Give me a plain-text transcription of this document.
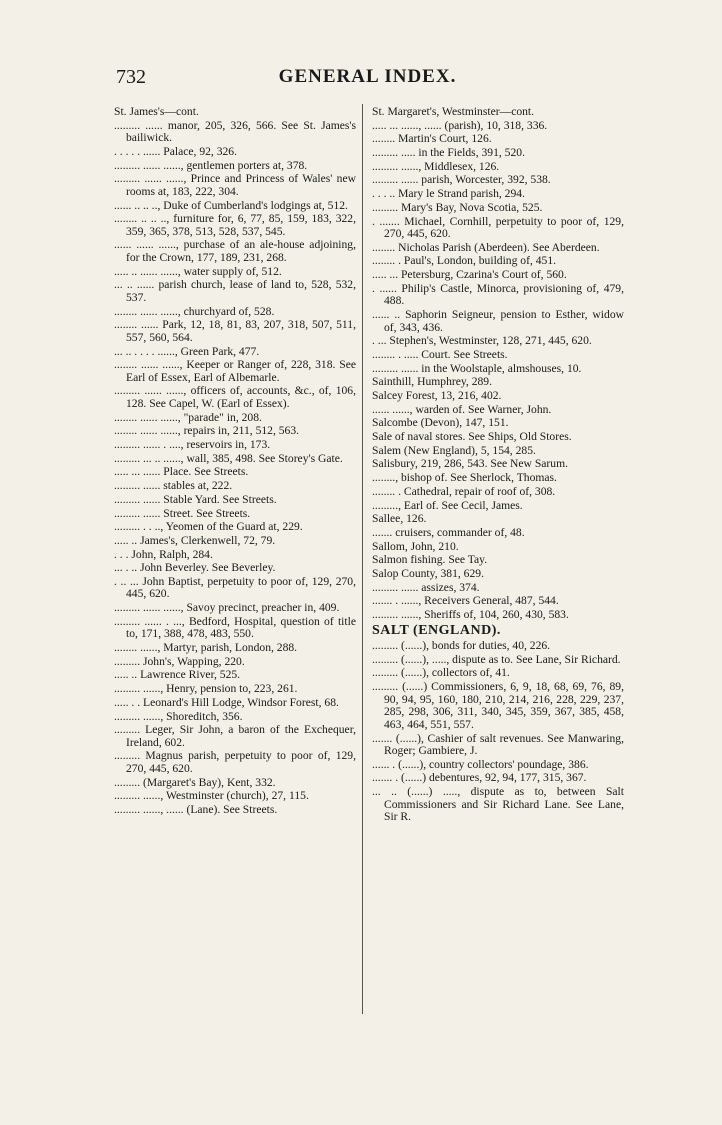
732	GENERAL INDEX.

St. James's—cont.

......... ...... manor, 205, 326, 566. See St. James's bailiwick.

. . . . . ...... Palace, 92, 326.

......... ...... ......, gentlemen porters at, 378.

......... ...... ......, Prince and Princess of Wales' new rooms at, 183, 222, 304.

...... .. .. .., Duke of Cumberland's lodgings at, 512.

........ .. .. .., furniture for, 6, 77, 85, 159, 183, 322, 359, 365, 378, 513, 528, 537, 545.

...... ...... ......, purchase of an ale-house adjoining, for the Crown, 177, 189, 231, 268.

..... .. ...... ......, water supply of, 512.

... .. ...... parish church, lease of land to, 528, 532, 537.

........ ...... ......, churchyard of, 528.

........ ...... Park, 12, 18, 81, 83, 207, 318, 507, 511, 557, 560, 564.

... .. . . . . ......, Green Park, 477.

........ ...... ......, Keeper or Ranger of, 228, 318. See Earl of Essex, Earl of Albemarle.

......... ...... ......, officers of, accounts, &c., of, 106, 128. See Capel, W. (Earl of Essex).

........ ...... ......, "parade" in, 208.

........ ...... ......, repairs in, 211, 512, 563.

......... ...... . ...., reservoirs in, 173.

......... ... .. ......, wall, 385, 498. See Storey's Gate.

..... ... ...... Place. See Streets.

......... ...... stables at, 222.

......... ...... Stable Yard. See Streets.

......... ...... Street. See Streets.

......... . . .., Yeomen of the Guard at, 229.

..... .. James's, Clerkenwell, 72, 79.

. . . John, Ralph, 284.

... . .. John Beverley. See Beverley.

. .. ... John Baptist, perpetuity to poor of, 129, 270, 445, 620.

......... ...... ......, Savoy precinct, preacher in, 409.

......... ...... . ..., Bedford, Hospital, question of title to, 171, 388, 478, 483, 550.

........ ......, Martyr, parish, London, 288.

......... John's, Wapping, 220.

..... .. Lawrence River, 525.

......... ......, Henry, pension to, 223, 261.

..... . . Leonard's Hill Lodge, Windsor Forest, 68.

......... ......, Shoreditch, 356.

......... Leger, Sir John, a baron of the Exchequer, Ireland, 602.

......... Magnus parish, perpetuity to poor of, 129, 270, 445, 620.

......... (Margaret's Bay), Kent, 332.

......... ......, Westminster (church), 27, 115.

......... ......, ...... (Lane). See Streets.

St. Margaret's, Westminster—cont.

..... ... ......, ...... (parish), 10, 318, 336.

........ Martin's Court, 126.

......... ..... in the Fields, 391, 520.

......... ......, Middlesex, 126.

......... ...... parish, Worcester, 392, 538.

. . . .. Mary le Strand parish, 294.

......... Mary's Bay, Nova Scotia, 525.

. ....... Michael, Cornhill, perpetuity to poor of, 129, 270, 445, 620.

........ Nicholas Parish (Aberdeen). See Aberdeen.

........ . Paul's, London, building of, 451.

..... ... Petersburg, Czarina's Court of, 560.

. ...... Philip's Castle, Minorca, provisioning of, 479, 488.

...... .. Saphorin Seigneur, pension to Esther, widow of, 343, 436.

. ... Stephen's, Westminster, 128, 271, 445, 620.

........ . ..... Court. See Streets.

......... ...... in the Woolstaple, almshouses, 10.

Sainthill, Humphrey, 289.

Salcey Forest, 13, 216, 402.

...... ......, warden of. See Warner, John.

Salcombe (Devon), 147, 151.

Sale of naval stores. See Ships, Old Stores.

Salem (New England), 5, 154, 285.

Salisbury, 219, 286, 543. See New Sarum.

........, bishop of. See Sherlock, Thomas.

........ . Cathedral, repair of roof of, 308.

........., Earl of. See Cecil, James.

Sallee, 126.

....... cruisers, commander of, 48.

Sallom, John, 210.

Salmon fishing. See Tay.

Salop County, 381, 629.

......... ...... assizes, 374.

....... . ......, Receivers General, 487, 544.

......... ......, Sheriffs of, 104, 260, 430, 583.

SALT (ENGLAND).

......... (......), bonds for duties, 40, 226.

......... (......), ....., dispute as to. See Lane, Sir Richard.

......... (......), collectors of, 41.

......... (......) Commissioners, 6, 9, 18, 68, 69, 76, 89, 90, 94, 95, 160, 180, 210, 214, 216, 228, 229, 237, 285, 298, 306, 311, 340, 345, 359, 367, 385, 458, 463, 464, 551, 557.

....... (......), Cashier of salt revenues. See Manwaring, Roger; Gambiere, J.

...... . (......), country collectors' poundage, 386.

....... . (......) debentures, 92, 94, 177, 315, 367.

... .. (......) ....., dispute as to, between Salt Commissioners and Sir Richard Lane. See Lane, Sir R.
